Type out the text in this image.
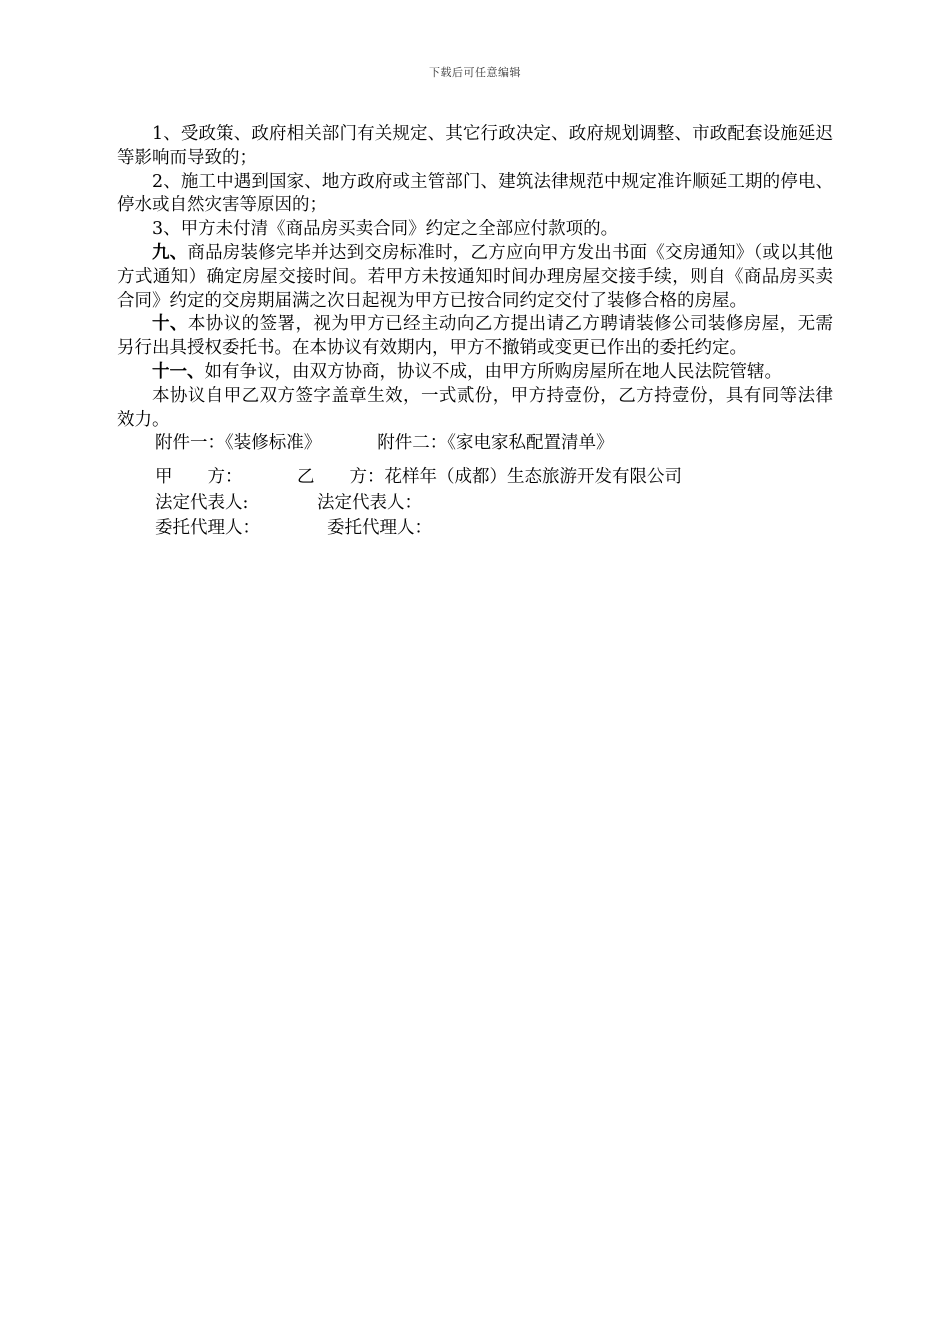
下载后可任意编辑

1、受政策、政府相关部门有关规定、其它行政决定、政府规划调整、市政配套设施延迟等影响而导致的；

2、施工中遇到国家、地方政府或主管部门、建筑法律规范中规定准许顺延工期的停电、停水或自然灾害等原因的；

3、甲方未付清《商品房买卖合同》约定之全部应付款项的。

九、商品房装修完毕并达到交房标准时，乙方应向甲方发出书面《交房通知》（或以其他方式通知）确定房屋交接时间。若甲方未按通知时间办理房屋交接手续，则自《商品房买卖合同》约定的交房期届满之次日起视为甲方已按合同约定交付了装修合格的房屋。

十、本协议的签署，视为甲方已经主动向乙方提出请乙方聘请装修公司装修房屋，无需另行出具授权委托书。在本协议有效期内，甲方不撤销或变更已作出的委托约定。

十一、如有争议，由双方协商，协议不成，由甲方所购房屋所在地人民法院管辖。

本协议自甲乙双方签字盖章生效，一式贰份，甲方持壹份，乙方持壹份，具有同等法律效力。

附件一：《装修标准》	附件二：《家电家私配置清单》

甲　　方：	乙　　方：花样年（成都）生态旅游开发有限公司

法定代表人:	法定代表人：

委托代理人：	委托代理人：
